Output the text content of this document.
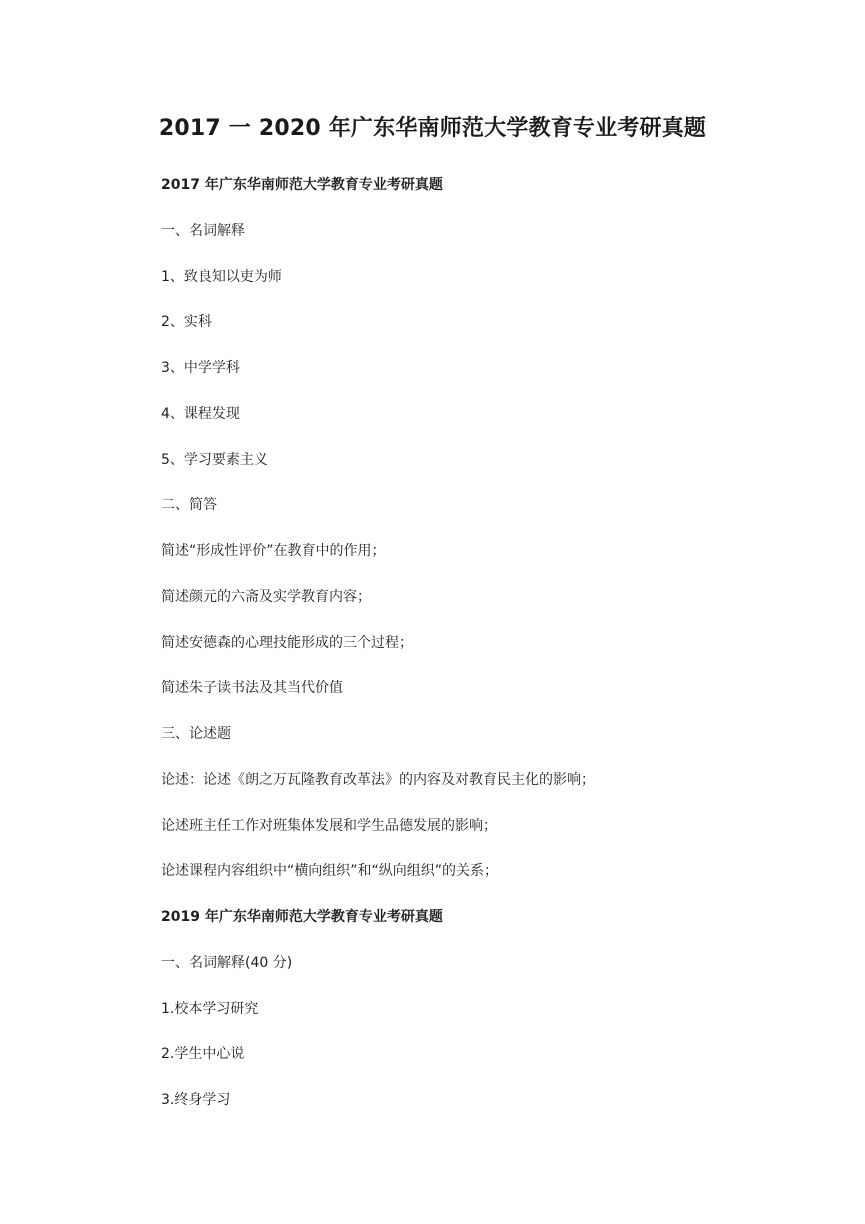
2017 一 2020 年广东华南师范大学教育专业考研真题
2017 年广东华南师范大学教育专业考研真题
一、名词解释
1、致良知以吏为师
2、实科
3、中学学科
4、课程发现
5、学习要素主义
二、简答
简述“形成性评价”在教育中的作用；
简述颜元的六斋及实学教育内容；
简述安德森的心理技能形成的三个过程；
简述朱子读书法及其当代价值
三、论述题
论述：论述《朗之万瓦隆教育改革法》的内容及对教育民主化的影响；
论述班主任工作对班集体发展和学生品德发展的影响；
论述课程内容组织中“横向组织”和“纵向组织”的关系；
2019 年广东华南师范大学教育专业考研真题
一、名词解释(40 分)
1.校本学习研究
2.学生中心说
3.终身学习
